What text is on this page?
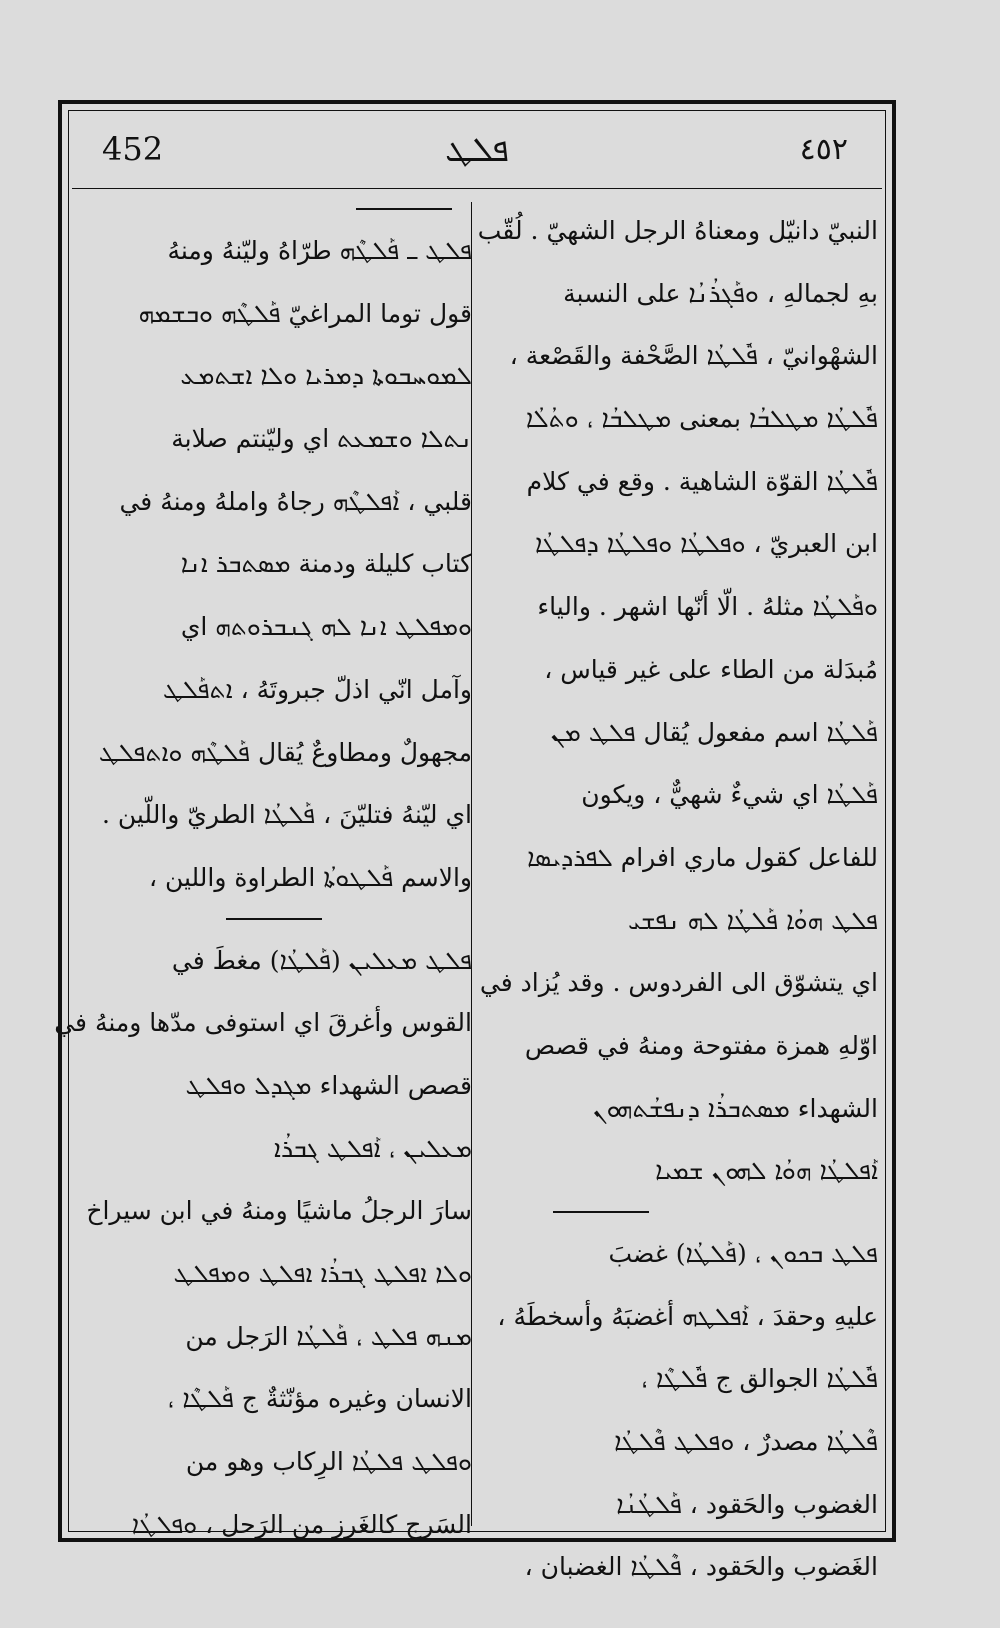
452	ܦܠܛ	٤٥٢
النبيّ دانيّل ومعناهُ الرجل الشهيّ . لُقّب
بهِ لجمالهِ ، ܘܦܰܓܪܳܢܳܐ على النسبة
الشهْوانيّ ، ܦܽܠܛܳܐ الصَّحْفة والقَصْعة ،
ܦܽܠܛܳܐ ܡܛܠܒܳܐ بمعنى ܡܛܠܒܳܐ ، ܘܬܳܠܳܐ
ܦܽܠܛܳܐ القوّة الشاهية . وقع في كلام
ابن العبريّ ، ܘܦܠܛܳܐ ܘܦܠܛܳܐ ܕܦܠܛܳܐ
ܘܦܰܠܛܳܐ مثلهُ . الّا أنّها اشهر . والياء
مُبدَلة من الطاء على غير قياس ،
ܦܰܠܛܳܐ اسم مفعول يُقال ܦܠܛ ܡܢ
ܦܰܠܛܳܐ اي شيءٌ شهيٌّ ، ويكون
للفاعل كقول ماري افرام ܠܦܪܕܝܣܐ
ܦܠܛ ܗܘܳܐ ܦܰܠܛܳܐ ܠܗ ܢܦܫܝ
اي يتشوّق الى الفردوس . وقد يُزاد في
اوّلهِ همزة مفتوحة ومنهُ في قصص
الشهداء ܡܣܬܒܪܳܐ ܕܢܦܫܳܬܗܘܢ
ܐܰܦܠܛܳܐ ܗܘܳܐ ܠܗܘܢ ܫܡܝܐ
ܦܠܛ ܒܟܘܢ ، (ܦܰܠܛܳܐ) غضبَ
عليهِ وحقدَ ، ܐܰܦܠܛܗ أغضبَهُ وأسخطَهُ ،
ܦܽܠܛܳܐ الجوالق ج ܦܽܠܛܶܐ ،
ܦܶܠܛܳܐ مصدرٌ ، ܘܦܠܛ ܦܶܠܛܳܐ
الغضوب والحَقود ، ܦܰܠܛܳܢܳܐ
الغَضوب والحَقود ، ܦܶܠܛܳܐ الغضبان ،
ܦܠܛ ـ ܦܰܠܛܶܗ طرّاهُ وليّنهُ ومنهُ
قول توما المراغيّ ܦܰܠܛܶܗ ܘܒܫܡܗ
ܠܡܘܚܒܘܬܐ ܕܡܪܝܐ ܘܠܐ ܐܫܬܡܥ
ܢܬܠܐ ܘܫܡܥܬ اي وليّنتم صلابة
قلبي ، ܐܰܦܠܛܶܗ رجاهُ واملهُ ومنهُ في
كتاب كليلة ودمنة ܡܣܬܒܪ ܐܢܐ
ܘܡܦܠܛ ܐܢܐ ܠܗ ܓܢܒܪܘܬܗ اي
وآمل انّي اذلّ جبروتَهُ ، ܐܬܦܰܠܛ
مجهولٌ ومطاوعٌ يُقال ܦܰܠܛܶܗ ܘܐܬܦܠܛ
اي ليّنهُ فتليّنَ ، ܦܰܠܛܳܐ الطريّ واللّين .
والاسم ܦܰܠܛܘܬܳܐ الطراوة واللين ،
ܦܠܛ ܡܥܠܝܢ (ܦܰܠܛܳܐ) مغطَ في
القوس وأغرقَ اي استوفى مدّها ومنهُ في
قصص الشهداء ܡܓܕܠ ܘܦܠܛ
ܡܥܠܝܢ ، ܐܰܦܠܛ ܓܒܪܳܐ
سارَ الرجلُ ماشيًا ومنهُ في ابن سيراخ
ܘܠܐ ܐܦܠܛ ܓܒܪܳܐ ܐܦܠܛ ܘܡܦܠܛ
ܡܢܗ ܦܠܛ ، ܦܰܠܛܳܐ الرَجل من
الانسان وغيره مؤنّثةٌ ج ܦܰܠܛܶܐ ،
ܘܦܠܛ ܦܠܛܳܐ الرِكاب وهو من
السَرج كالغَرز من الرَحل ، ܘܦܠܛܳܐ
